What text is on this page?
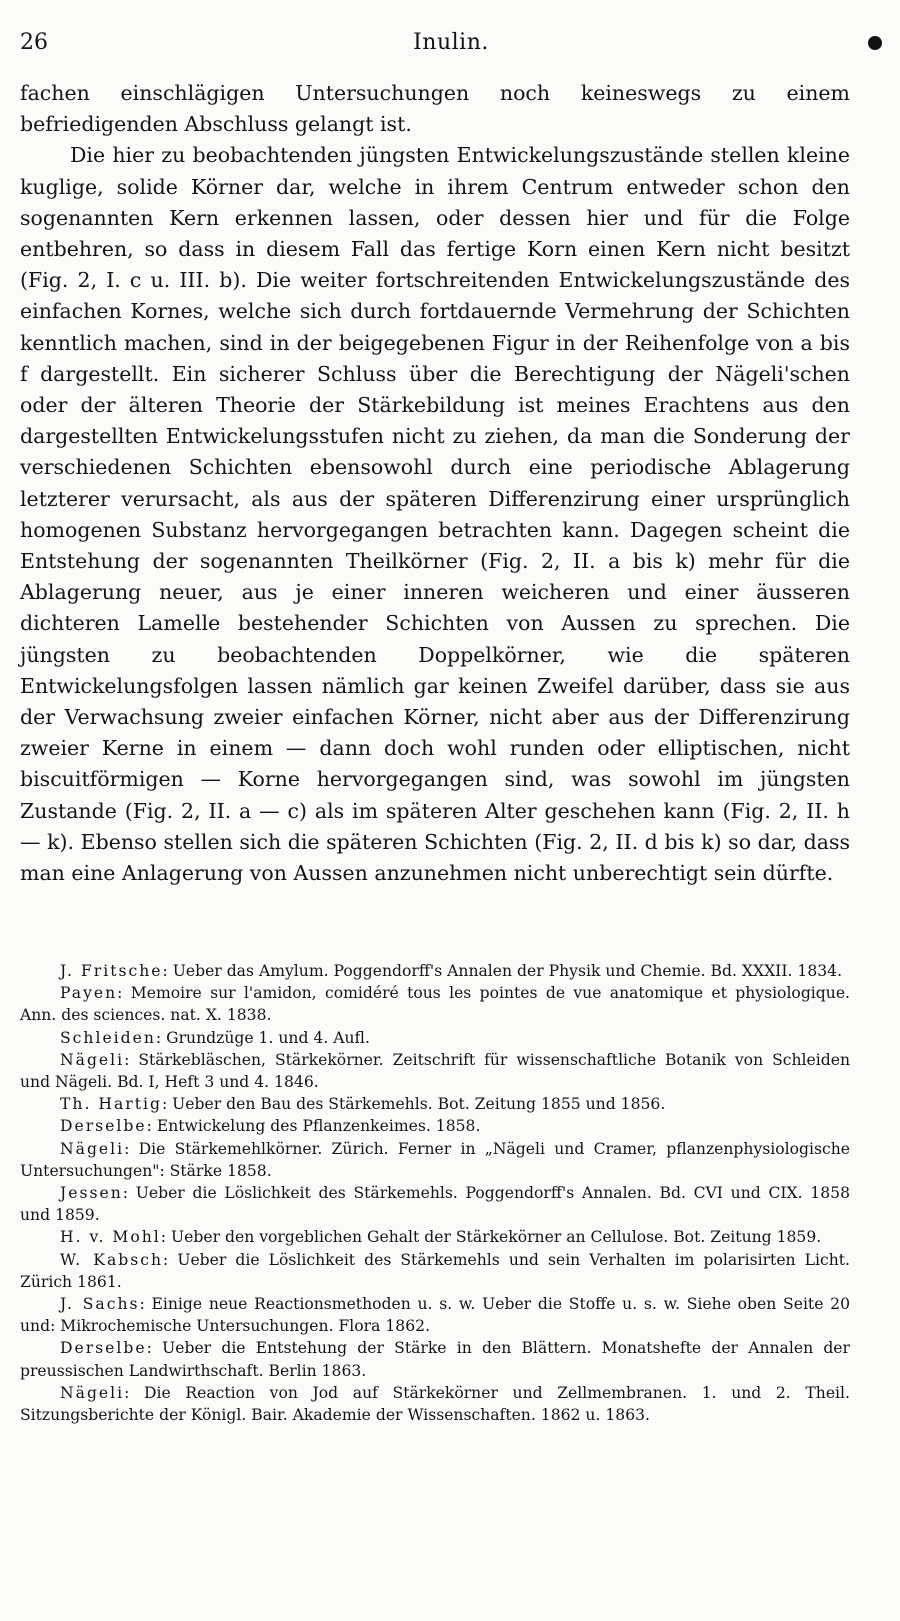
26	Inulin.

fachen einschlägigen Untersuchungen noch keineswegs zu einem befriedigenden Abschluss gelangt ist.

Die hier zu beobachtenden jüngsten Entwickelungszustände stellen kleine kuglige, solide Körner dar, welche in ihrem Centrum entweder schon den sogenannten Kern erkennen lassen, oder dessen hier und für die Folge entbehren, so dass in diesem Fall das fertige Korn einen Kern nicht besitzt (Fig. 2, I. c u. III. b). Die weiter fortschreitenden Entwickelungszustände des einfachen Kornes, welche sich durch fortdauernde Vermehrung der Schichten kenntlich machen, sind in der beigegebenen Figur in der Reihenfolge von a bis f dargestellt. Ein sicherer Schluss über die Berechtigung der Nägeli'schen oder der älteren Theorie der Stärkebildung ist meines Erachtens aus den dargestellten Entwickelungsstufen nicht zu ziehen, da man die Sonderung der verschiedenen Schichten ebensowohl durch eine periodische Ablagerung letzterer verursacht, als aus der späteren Differenzirung einer ursprünglich homogenen Substanz hervorgegangen betrachten kann. Dagegen scheint die Entstehung der sogenannten Theilkörner (Fig. 2, II. a bis k) mehr für die Ablagerung neuer, aus je einer inneren weicheren und einer äusseren dichteren Lamelle bestehender Schichten von Aussen zu sprechen. Die jüngsten zu beobachtenden Doppelkörner, wie die späteren Entwickelungsfolgen lassen nämlich gar keinen Zweifel darüber, dass sie aus der Verwachsung zweier einfachen Körner, nicht aber aus der Differenzirung zweier Kerne in einem — dann doch wohl runden oder elliptischen, nicht biscuitförmigen — Korne hervorgegangen sind, was sowohl im jüngsten Zustande (Fig. 2, II. a — c) als im späteren Alter geschehen kann (Fig. 2, II. h — k). Ebenso stellen sich die späteren Schichten (Fig. 2, II. d bis k) so dar, dass man eine Anlagerung von Aussen anzunehmen nicht unberechtigt sein dürfte.

J. Fritsche: Ueber das Amylum. Poggendorff's Annalen der Physik und Chemie. Bd. XXXII. 1834.

Payen: Memoire sur l'amidon, comidéré tous les pointes de vue anatomique et physiologique. Ann. des sciences. nat. X. 1838.

Schleiden: Grundzüge 1. und 4. Aufl.

Nägeli: Stärkebläschen, Stärkekörner. Zeitschrift für wissenschaftliche Botanik von Schleiden und Nägeli. Bd. I, Heft 3 und 4. 1846.

Th. Hartig: Ueber den Bau des Stärkemehls. Bot. Zeitung 1855 und 1856.

Derselbe: Entwickelung des Pflanzenkeimes. 1858.

Nägeli: Die Stärkemehlkörner. Zürich. Ferner in „Nägeli und Cramer, pflanzenphysiologische Untersuchungen": Stärke 1858.

Jessen: Ueber die Löslichkeit des Stärkemehls. Poggendorff's Annalen. Bd. CVI und CIX. 1858 und 1859.

H. v. Mohl: Ueber den vorgeblichen Gehalt der Stärkekörner an Cellulose. Bot. Zeitung 1859.

W. Kabsch: Ueber die Löslichkeit des Stärkemehls und sein Verhalten im polarisirten Licht. Zürich 1861.

J. Sachs: Einige neue Reactionsmethoden u. s. w. Ueber die Stoffe u. s. w. Siehe oben Seite 20 und: Mikrochemische Untersuchungen. Flora 1862.

Derselbe: Ueber die Entstehung der Stärke in den Blättern. Monatshefte der Annalen der preussischen Landwirthschaft. Berlin 1863.

Nägeli: Die Reaction von Jod auf Stärkekörner und Zellmembranen. 1. und 2. Theil. Sitzungsberichte der Königl. Bair. Akademie der Wissenschaften. 1862 u. 1863.
